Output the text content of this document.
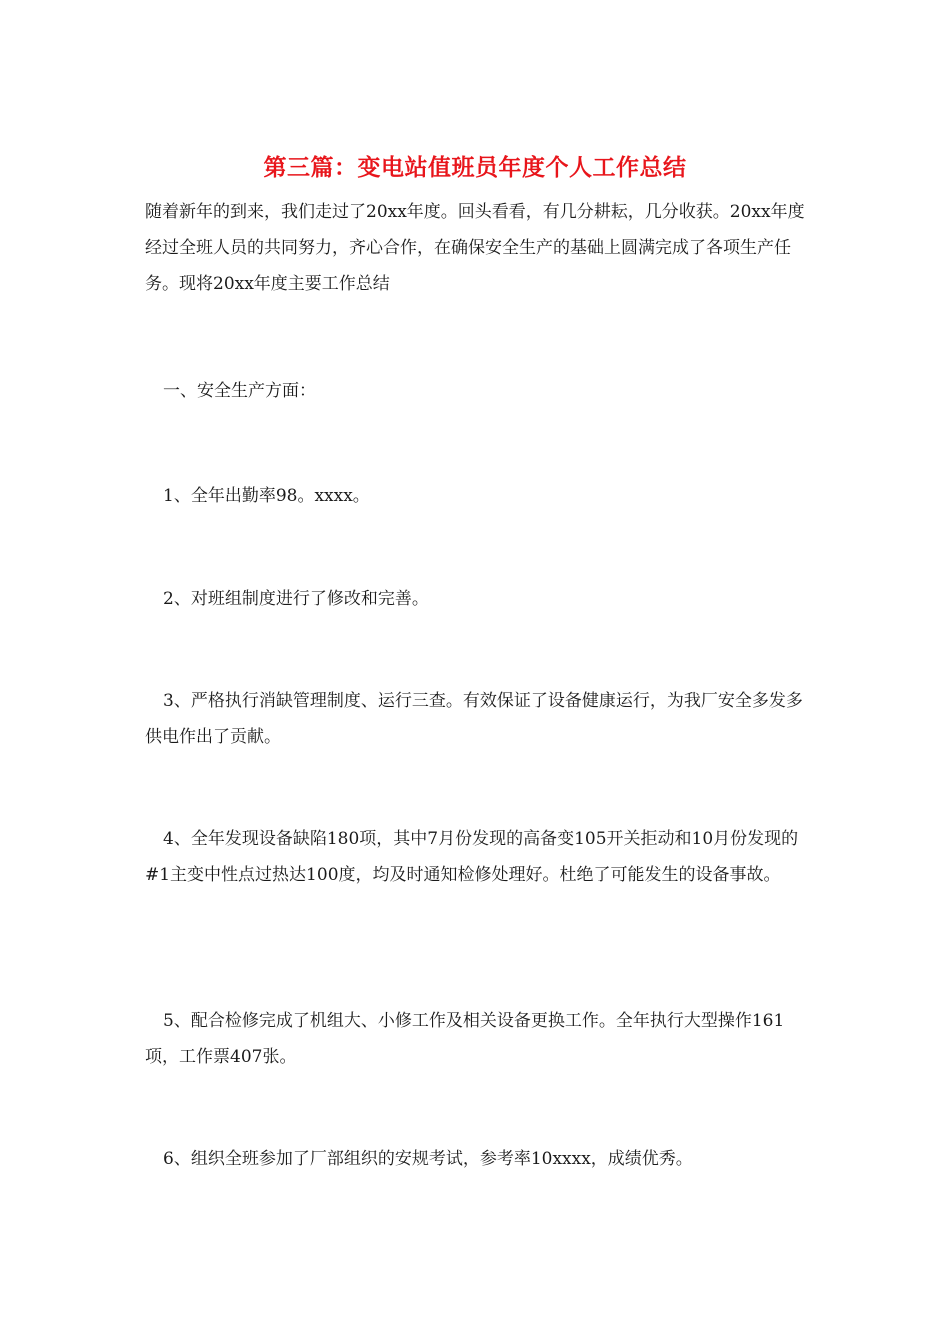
第三篇：变电站值班员年度个人工作总结

随着新年的到来，我们走过了20xx年度。回头看看，有几分耕耘，几分收获。20xx年度经过全班人员的共同努力，齐心合作，在确保安全生产的基础上圆满完成了各项生产任务。现将20xx年度主要工作总结

一、安全生产方面：

1、全年出勤率98。xxxx。

2、对班组制度进行了修改和完善。

3、严格执行消缺管理制度、运行三查。有效保证了设备健康运行，为我厂安全多发多供电作出了贡献。

4、全年发现设备缺陷180项，其中7月份发现的高备变105开关拒动和10月份发现的#1主变中性点过热达100度，均及时通知检修处理好。杜绝了可能发生的设备事故。

5、配合检修完成了机组大、小修工作及相关设备更换工作。全年执行大型操作161项，工作票407张。

6、组织全班参加了厂部组织的安规考试，参考率10xxxx，成绩优秀。
